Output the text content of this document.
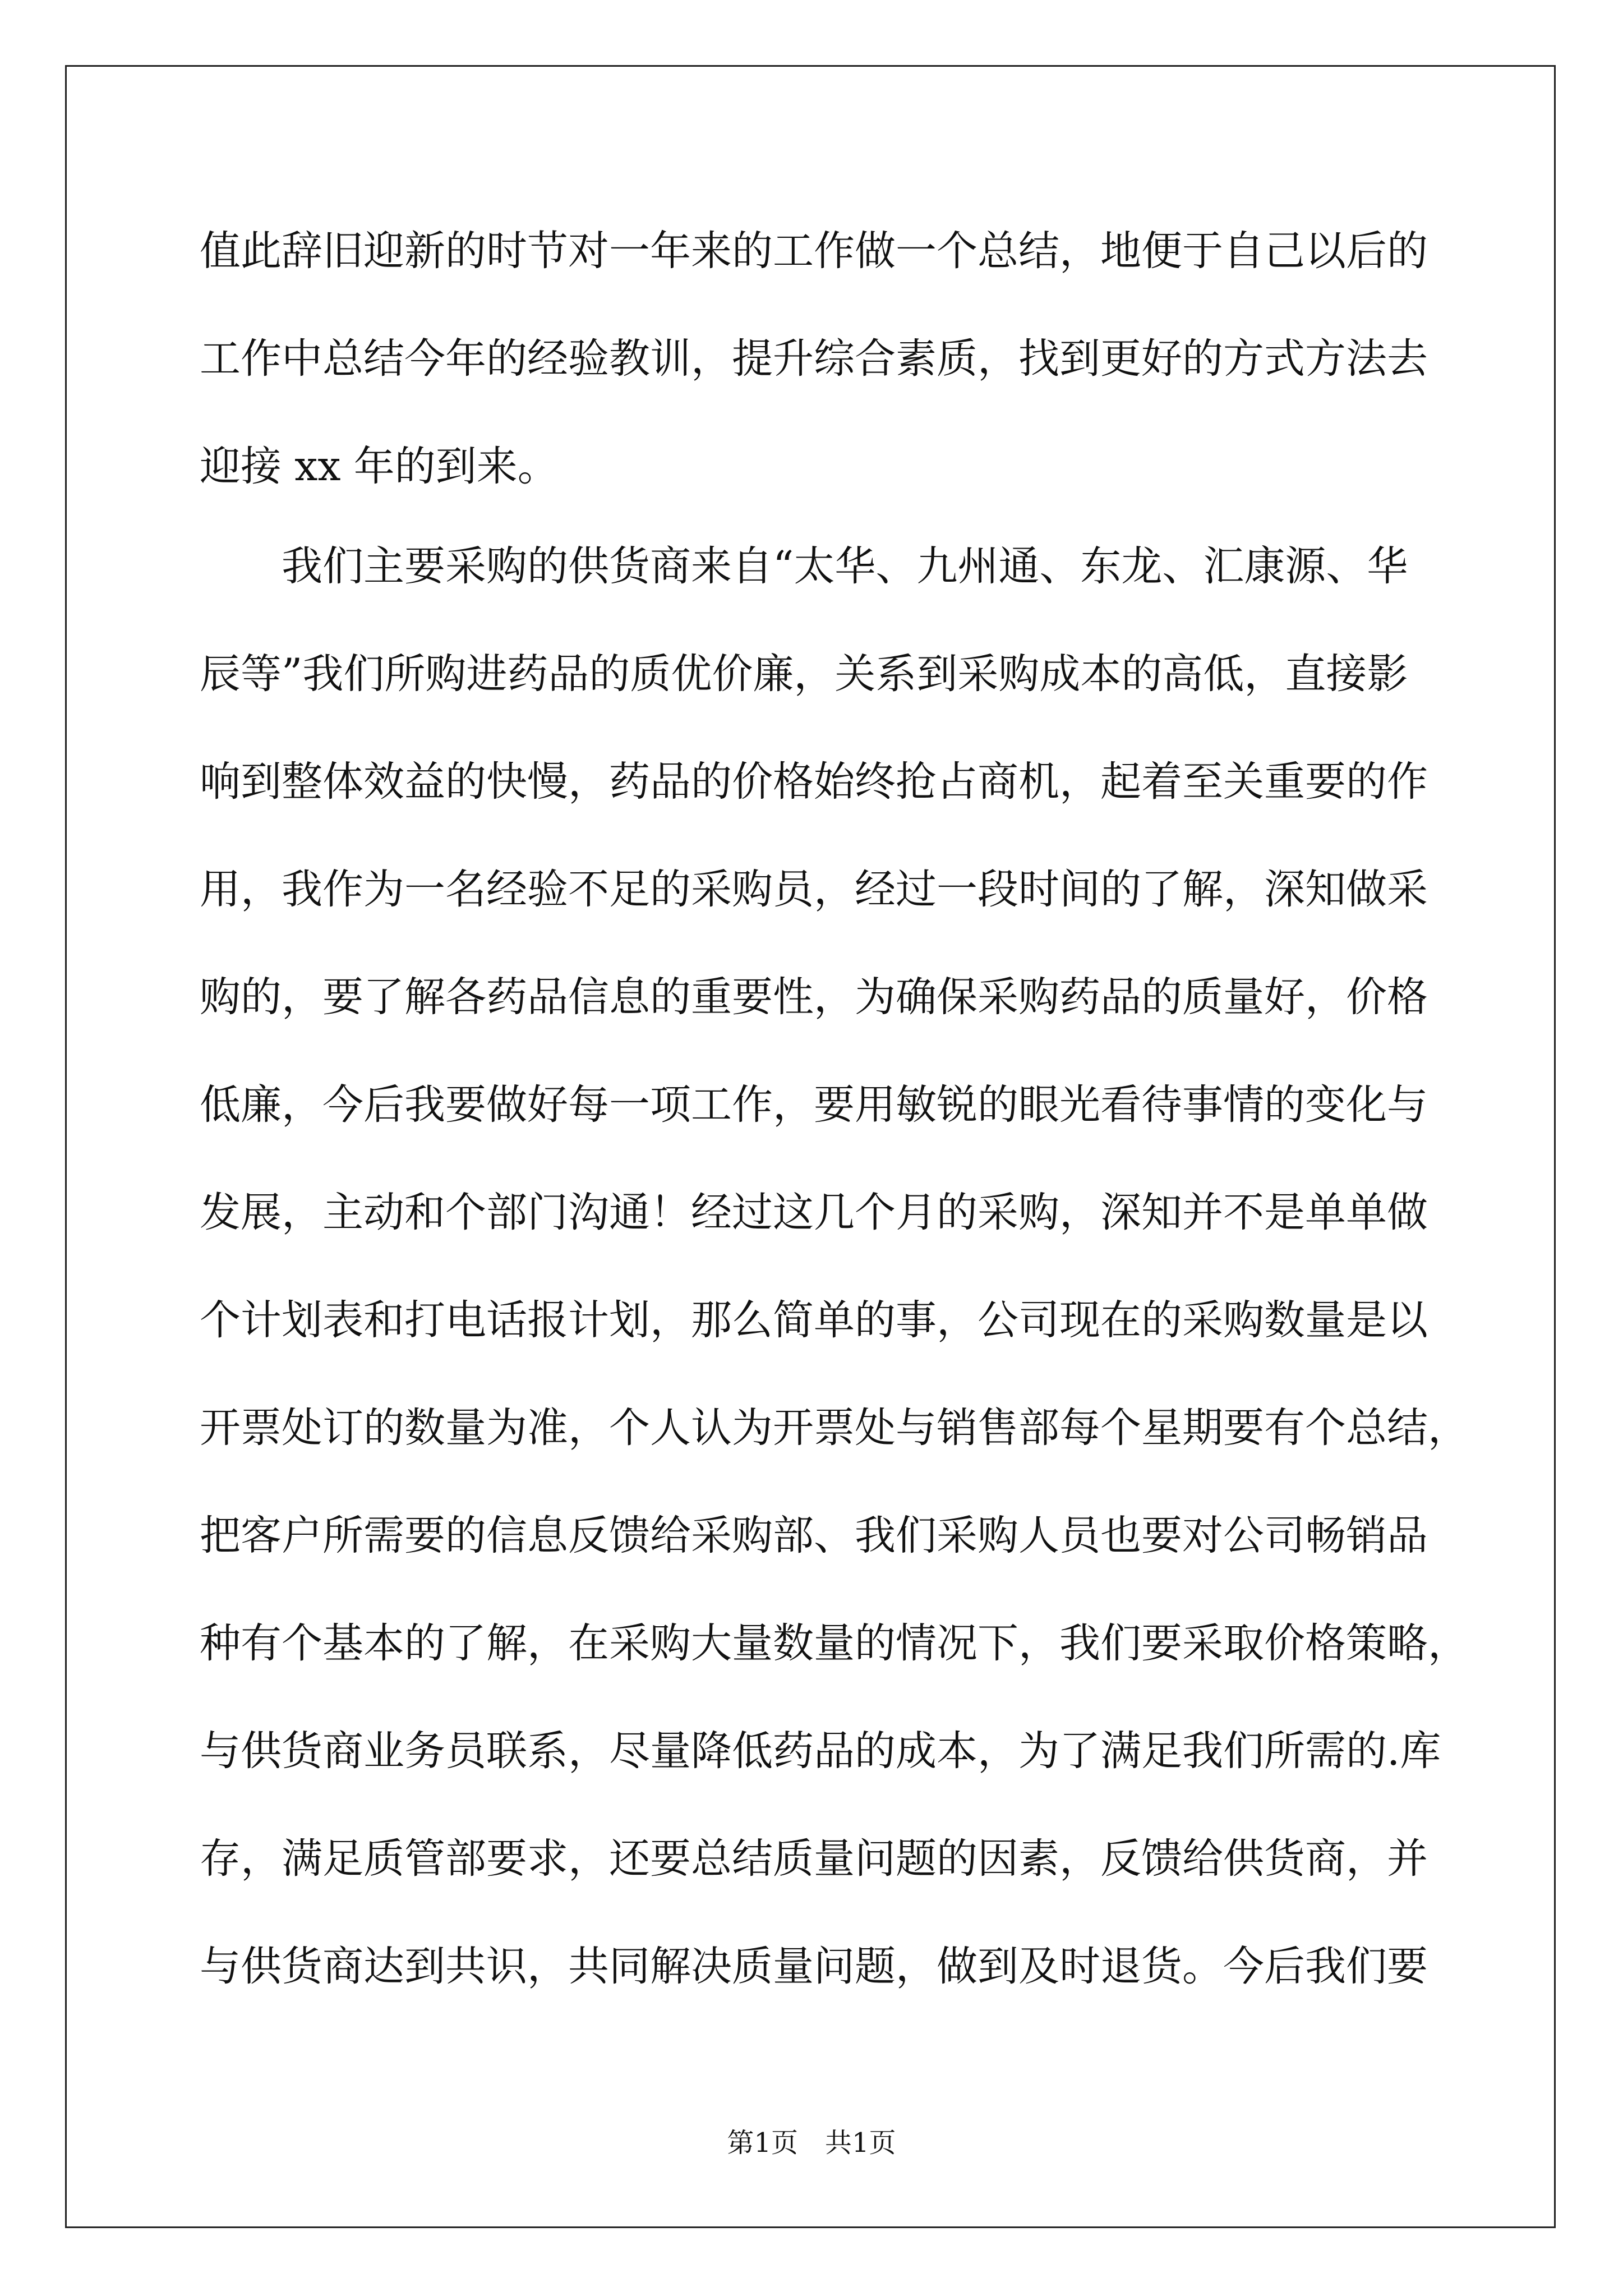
值此辞旧迎新的时节对一年来的工作做一个总结，地便于自己以后的
工作中总结今年的经验教训，提升综合素质，找到更好的方式方法去
迎接 xx 年的到来。
　　我们主要采购的供货商来自“太华、九州通、东龙、汇康源、华
辰等”我们所购进药品的质优价廉，关系到采购成本的高低，直接影
响到整体效益的快慢，药品的价格始终抢占商机，起着至关重要的作
用，我作为一名经验不足的采购员，经过一段时间的了解，深知做采
购的，要了解各药品信息的重要性，为确保采购药品的质量好，价格
低廉，今后我要做好每一项工作，要用敏锐的眼光看待事情的变化与
发展，主动和个部门沟通！经过这几个月的采购，深知并不是单单做
个计划表和打电话报计划，那么简单的事，公司现在的采购数量是以
开票处订的数量为准，个人认为开票处与销售部每个星期要有个总结，
把客户所需要的信息反馈给采购部、我们采购人员也要对公司畅销品
种有个基本的了解，在采购大量数量的情况下，我们要采取价格策略，
与供货商业务员联系，尽量降低药品的成本，为了满足我们所需的.库
存，满足质管部要求，还要总结质量问题的因素，反馈给供货商，并
与供货商达到共识，共同解决质量问题，做到及时退货。今后我们要
第1页　共1页
